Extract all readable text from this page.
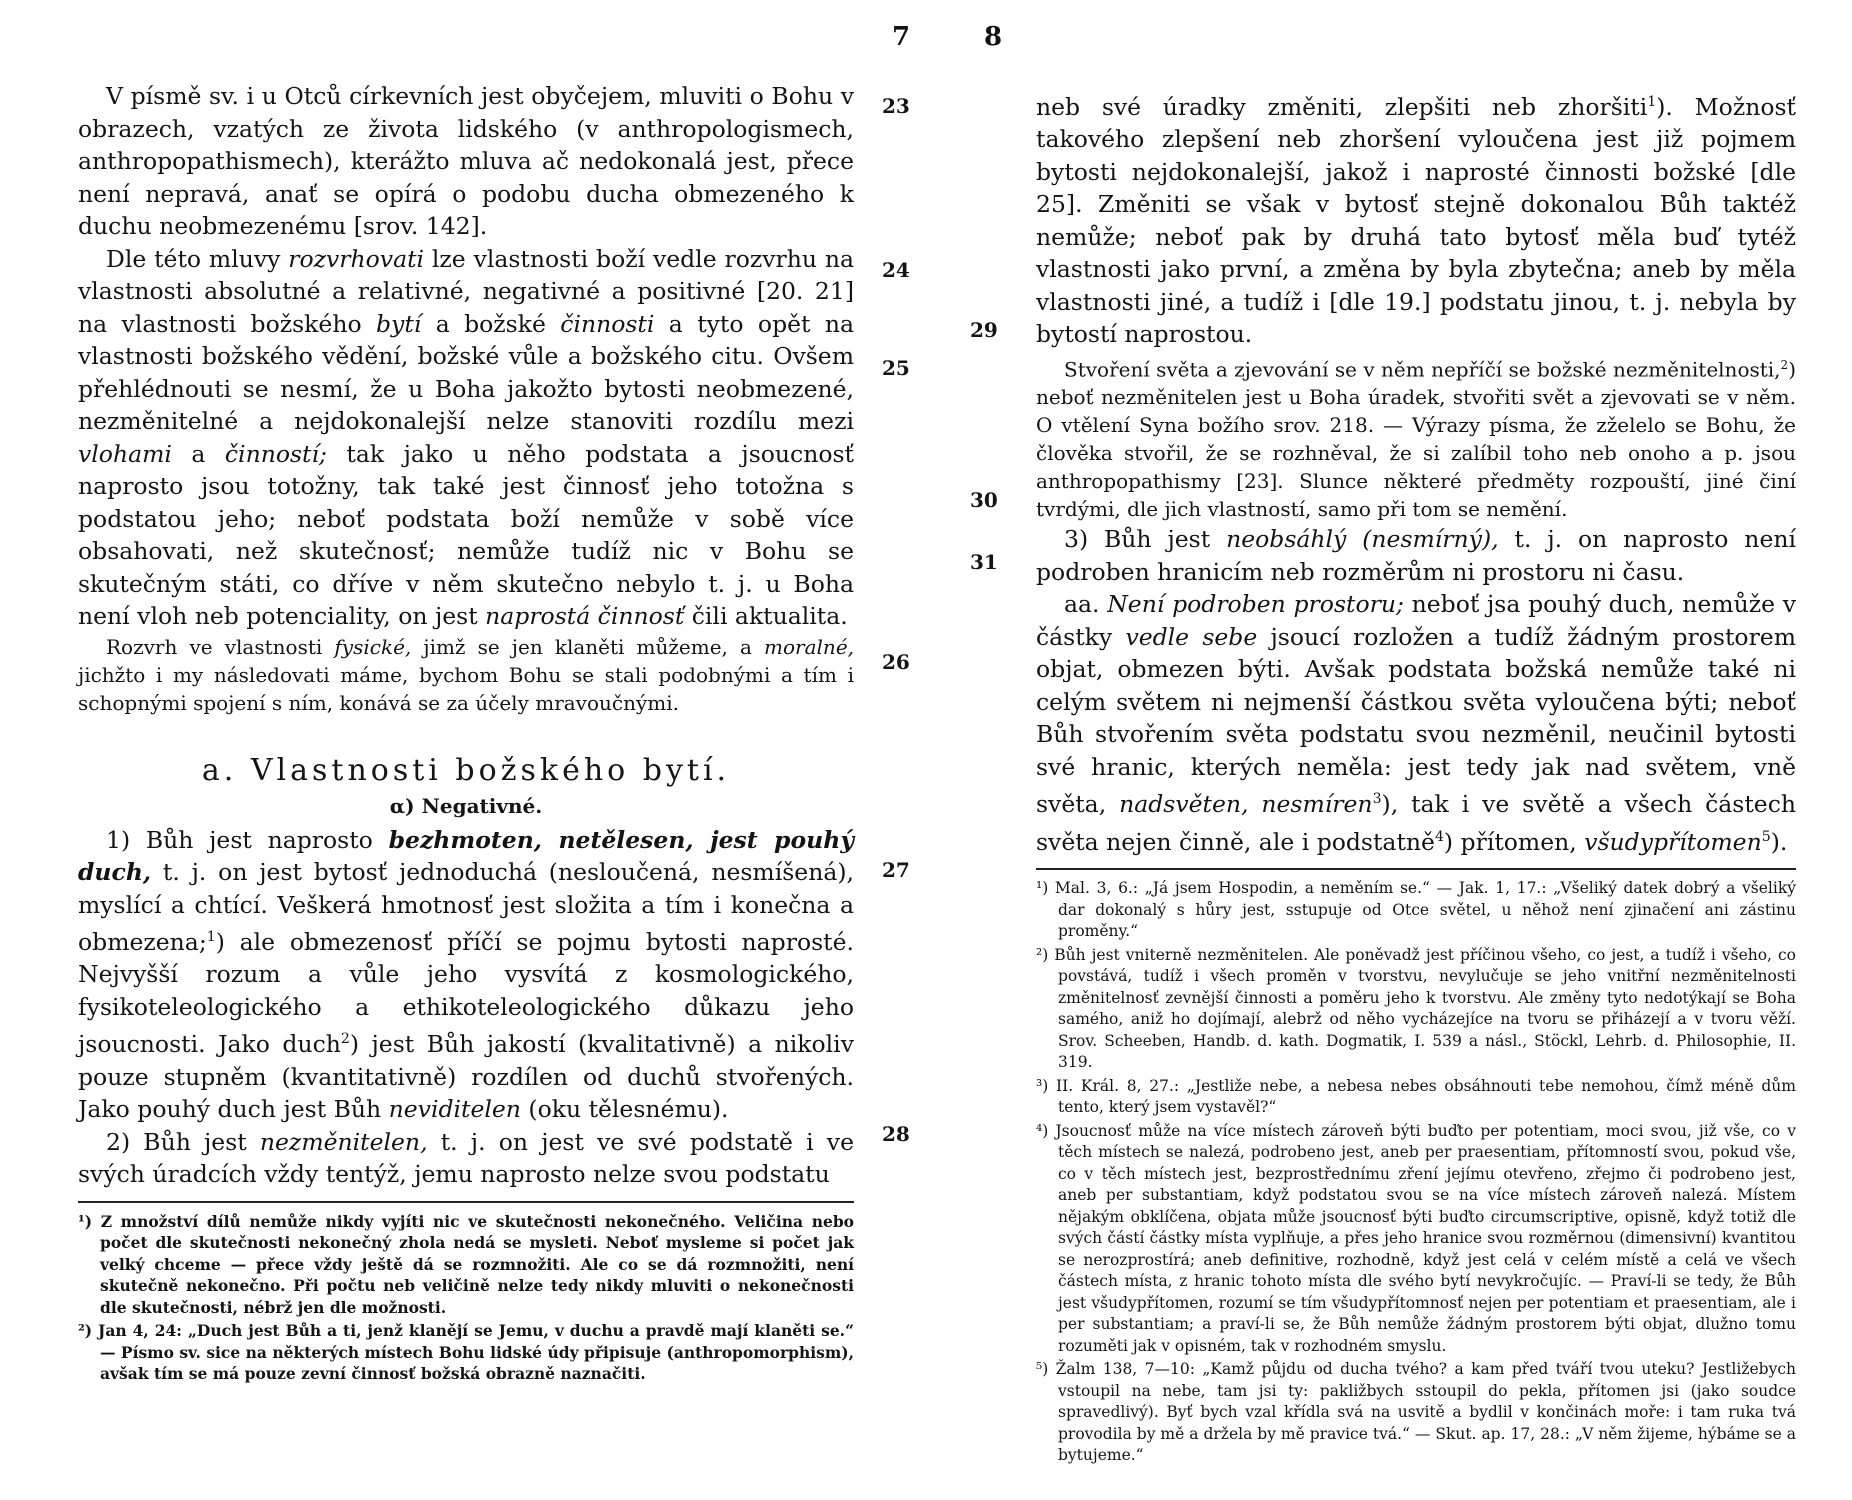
7
23
24
25
26
27
28

V písmě sv. i u Otců církevních jest obyčejem, mluviti o Bohu v obrazech, vzatých ze života lidského (v anthropologismech, anthropopathismech), kterážto mluva ač nedokonalá jest, přece není nepravá, anať se opírá o podobu ducha obmezeného k duchu neobmezenému [srov. 142].

Dle této mluvy rozvrhovati lze vlastnosti boží vedle rozvrhu na vlastnosti absolutné a relativné, negativné a positivné [20. 21] na vlastnosti božského bytí a božské činnosti a tyto opět na vlastnosti božského vědění, božské vůle a božského citu. Ovšem přehlédnouti se nesmí, že u Boha jakožto bytosti neobmezené, nezměnitelné a nejdokonalejší nelze stanoviti rozdílu mezi vlohami a činností; tak jako u něho podstata a jsoucnosť naprosto jsou totožny, tak také jest činnosť jeho totožna s podstatou jeho; neboť podstata boží nemůže v sobě více obsahovati, než skutečnosť; nemůže tudíž nic v Bohu se skutečným státi, co dříve v něm skutečno nebylo t. j. u Boha není vloh neb potenciality, on jest naprostá činnosť čili aktualita.

Rozvrh ve vlastnosti fysické, jimž se jen klaněti můžeme, a moralné, jichžto i my následovati máme, bychom Bohu se stali podobnými a tím i schopnými spojení s ním, konává se za účely mravoučnými.

a. Vlastnosti božského bytí.
α) Negativné.

1) Bůh jest naprosto bezhmoten, netělesen, jest pouhý duch, t. j. on jest bytosť jednoduchá (nesloučená, nesmíšená), myslící a chtící. Veškerá hmotnosť jest složita a tím i konečna a obmezena;$^1$) ale obmezenosť příčí se pojmu bytosti naprosté. Nejvyšší rozum a vůle jeho vysvítá z kosmologického, fysikoteleologického a ethikoteleologického důkazu jeho jsoucnosti. Jako duch$^2$) jest Bůh jakostí (kvalitativně) a nikoliv pouze stupněm (kvantitativně) rozdílen od duchů stvořených. Jako pouhý duch jest Bůh neviditelen (oku tělesnému).

2) Bůh jest nezměnitelen, t. j. on jest ve své podstatě i ve svých úradcích vždy tentýž, jemu naprosto nelze svou podstatu

¹) Z množství dílů nemůže nikdy vyjíti nic ve skutečnosti nekonečného. Veličina nebo počet dle skutečnosti nekonečný zhola nedá se mysleti. Neboť mysleme si počet jak velký chceme — přece vždy ještě dá se rozmnožiti. Ale co se dá rozmnožiti, není skutečně nekonečno. Při počtu neb veličině nelze tedy nikdy mluviti o nekonečnosti dle skutečnosti, nébrž jen dle možnosti.

²) Jan 4, 24: „Duch jest Bůh a ti, jenž klanějí se Jemu, v duchu a pravdě mají klaněti se.“ — Písmo sv. sice na některých místech Bohu lidské údy připisuje (anthropomorphism), avšak tím se má pouze zevní činnosť božská obrazně naznačiti.

8
29
30
31

neb své úradky změniti, zlepšiti neb zhoršiti$^1$). Možnosť takového zlepšení neb zhoršení vyloučena jest již pojmem bytosti nejdokonalejší, jakož i naprosté činnosti božské [dle 25]. Změniti se však v bytosť stejně dokonalou Bůh taktéž nemůže; neboť pak by druhá tato bytosť měla buď tytéž vlastnosti jako první, a změna by byla zbytečna; aneb by měla vlastnosti jiné, a tudíž i [dle 19.] podstatu jinou, t. j. nebyla by bytostí naprostou.

Stvoření světa a zjevování se v něm nepříčí se božské nezměnitelnosti,$^2$) neboť nezměnitelen jest u Boha úradek, stvořiti svět a zjevovati se v něm. O vtělení Syna božího srov. 218. — Výrazy písma, že zželelo se Bohu, že člověka stvořil, že se rozhněval, že si zalíbil toho neb onoho a p. jsou anthropopathismy [23]. Slunce některé předměty rozpouští, jiné činí tvrdými, dle jich vlastností, samo při tom se nemění.

3) Bůh jest neobsáhlý (nesmírný), t. j. on naprosto není podroben hranicím neb rozměrům ni prostoru ni času.

aa. Není podroben prostoru; neboť jsa pouhý duch, nemůže v částky vedle sebe jsoucí rozložen a tudíž žádným prostorem objat, obmezen býti. Avšak podstata božská nemůže také ni celým světem ni nejmenší částkou světa vyloučena býti; neboť Bůh stvořením světa podstatu svou nezměnil, neučinil bytosti své hranic, kterých neměla: jest tedy jak nad světem, vně světa, nadsvěten, nesmíren$^3$), tak i ve světě a všech částech světa nejen činně, ale i podstatně$^4$) přítomen, všudypřítomen$^5$).

¹) Mal. 3, 6.: „Já jsem Hospodin, a neměním se.“ — Jak. 1, 17.: „Všeliký datek dobrý a všeliký dar dokonalý s hůry jest, sstupuje od Otce světel, u něhož není zjinačení ani zástinu proměny.“

²) Bůh jest vniterně nezměnitelen. Ale poněvadž jest příčinou všeho, co jest, a tudíž i všeho, co povstává, tudíž i všech proměn v tvorstvu, nevylučuje se jeho vnitřní nezměnitelnosti změnitelnosť zevnější činnosti a poměru jeho k tvorstvu. Ale změny tyto nedotýkají se Boha samého, aniž ho dojímají, alebrž od něho vycházejíce na tvoru se přiházejí a v tvoru věží. Srov. Scheeben, Handb. d. kath. Dogmatik, I. 539 a násl., Stöckl, Lehrb. d. Philosophie, II. 319.

³) II. Král. 8, 27.: „Jestliže nebe, a nebesa nebes obsáhnouti tebe nemohou, čímž méně dům tento, který jsem vystavěl?“

⁴) Jsoucnosť může na více místech zároveň býti buďto per potentiam, moci svou, již vše, co v těch místech se nalezá, podrobeno jest, aneb per praesentiam, přítomností svou, pokud vše, co v těch místech jest, bezprostřednímu zření jejímu otevřeno, zřejmo či podrobeno jest, aneb per substantiam, když podstatou svou se na více místech zároveň nalezá. Místem nějakým obklíčena, objata může jsoucnosť býti buďto circumscriptive, opisně, když totiž dle svých částí částky místa vyplňuje, a přes jeho hranice svou rozměrnou (dimensivní) kvantitou se nerozprostírá; aneb definitive, rozhodně, když jest celá v celém místě a celá ve všech částech místa, z hranic tohoto místa dle svého bytí nevykročujíc. — Praví-li se tedy, že Bůh jest všudypřítomen, rozumí se tím všudypřítomnosť nejen per potentiam et praesentiam, ale i per substantiam; a praví-li se, že Bůh nemůže žádným prostorem býti objat, dlužno tomu rozuměti jak v opisném, tak v rozhodném smyslu.

⁵) Žalm 138, 7—10: „Kamž půjdu od ducha tvého? a kam před tváří tvou uteku? Jestližebych vstoupil na nebe, tam jsi ty: pakližbych sstoupil do pekla, přítomen jsi (jako soudce spravedlivý). Byť bych vzal křídla svá na usvitě a bydlil v končinách moře: i tam ruka tvá provodila by mě a držela by mě pravice tvá.“ — Skut. ap. 17, 28.: „V něm žijeme, hýbáme se a bytujeme.“
